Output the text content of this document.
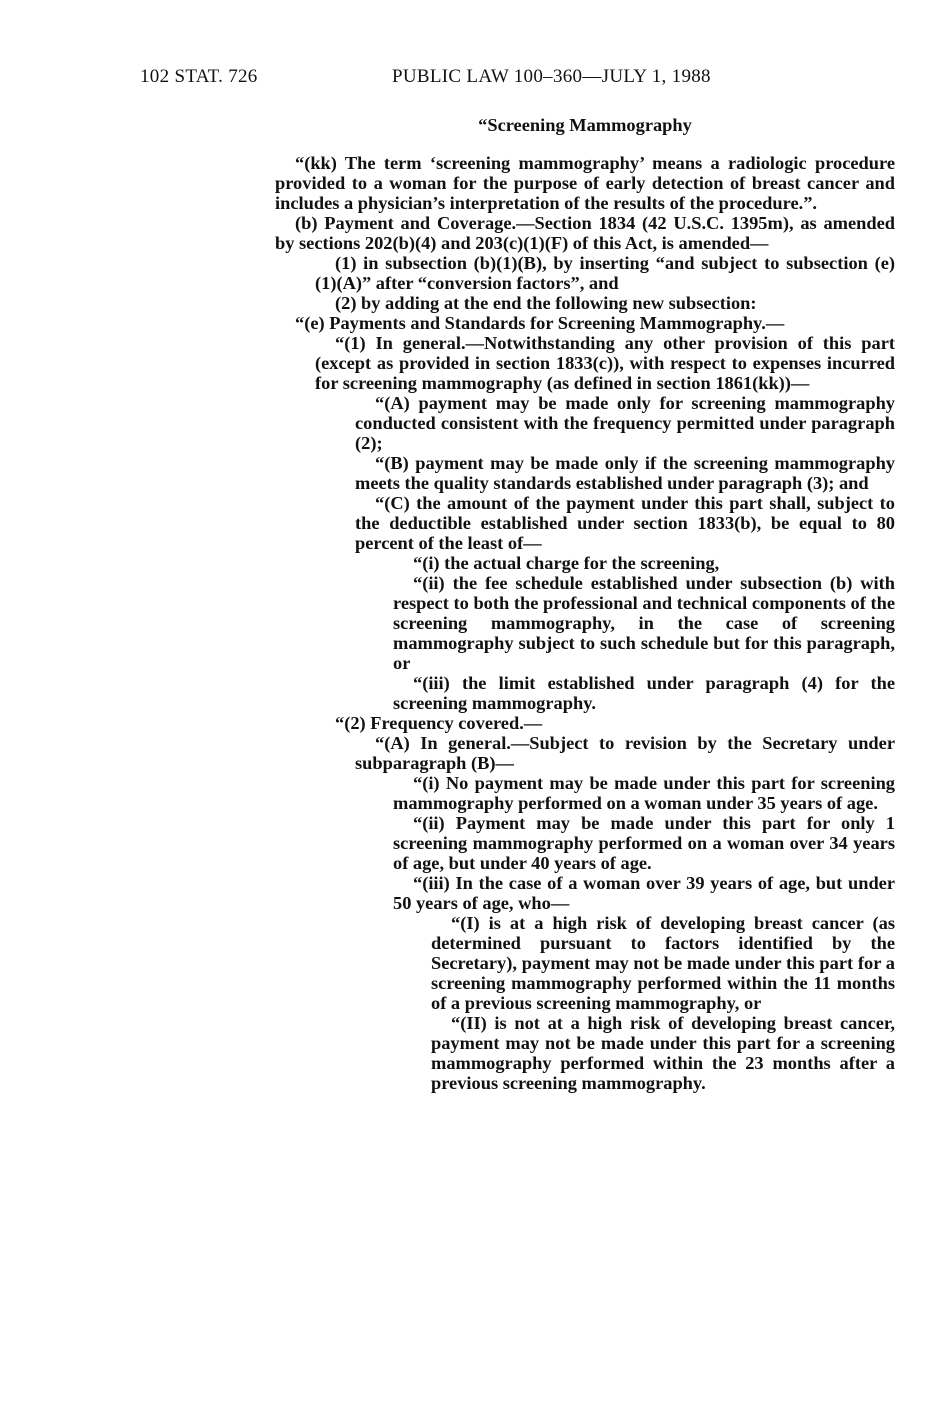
102 STAT. 726	PUBLIC LAW 100–360—JULY 1, 1988

“Screening Mammography

“(kk) The term ‘screening mammography’ means a radiologic procedure provided to a woman for the purpose of early detection of breast cancer and includes a physician’s interpretation of the results of the procedure.”.

(b) Payment and Coverage.—Section 1834 (42 U.S.C. 1395m), as amended by sections 202(b)(4) and 203(c)(1)(F) of this Act, is amended—

(1) in subsection (b)(1)(B), by inserting “and subject to subsection (e)(1)(A)” after “conversion factors”, and

(2) by adding at the end the following new subsection:

“(e) Payments and Standards for Screening Mammography.—

“(1) In general.—Notwithstanding any other provision of this part (except as provided in section 1833(c)), with respect to expenses incurred for screening mammography (as defined in section 1861(kk))—

“(A) payment may be made only for screening mammography conducted consistent with the frequency permitted under paragraph (2);

“(B) payment may be made only if the screening mammography meets the quality standards established under paragraph (3); and

“(C) the amount of the payment under this part shall, subject to the deductible established under section 1833(b), be equal to 80 percent of the least of—

“(i) the actual charge for the screening,

“(ii) the fee schedule established under subsection (b) with respect to both the professional and technical components of the screening mammography, in the case of screening mammography subject to such schedule but for this paragraph, or

“(iii) the limit established under paragraph (4) for the screening mammography.

“(2) Frequency covered.—

“(A) In general.—Subject to revision by the Secretary under subparagraph (B)—

“(i) No payment may be made under this part for screening mammography performed on a woman under 35 years of age.

“(ii) Payment may be made under this part for only 1 screening mammography performed on a woman over 34 years of age, but under 40 years of age.

“(iii) In the case of a woman over 39 years of age, but under 50 years of age, who—

“(I) is at a high risk of developing breast cancer (as determined pursuant to factors identified by the Secretary), payment may not be made under this part for a screening mammography performed within the 11 months of a previous screening mammography, or

“(II) is not at a high risk of developing breast cancer, payment may not be made under this part for a screening mammography performed within the 23 months after a previous screening mammography.
